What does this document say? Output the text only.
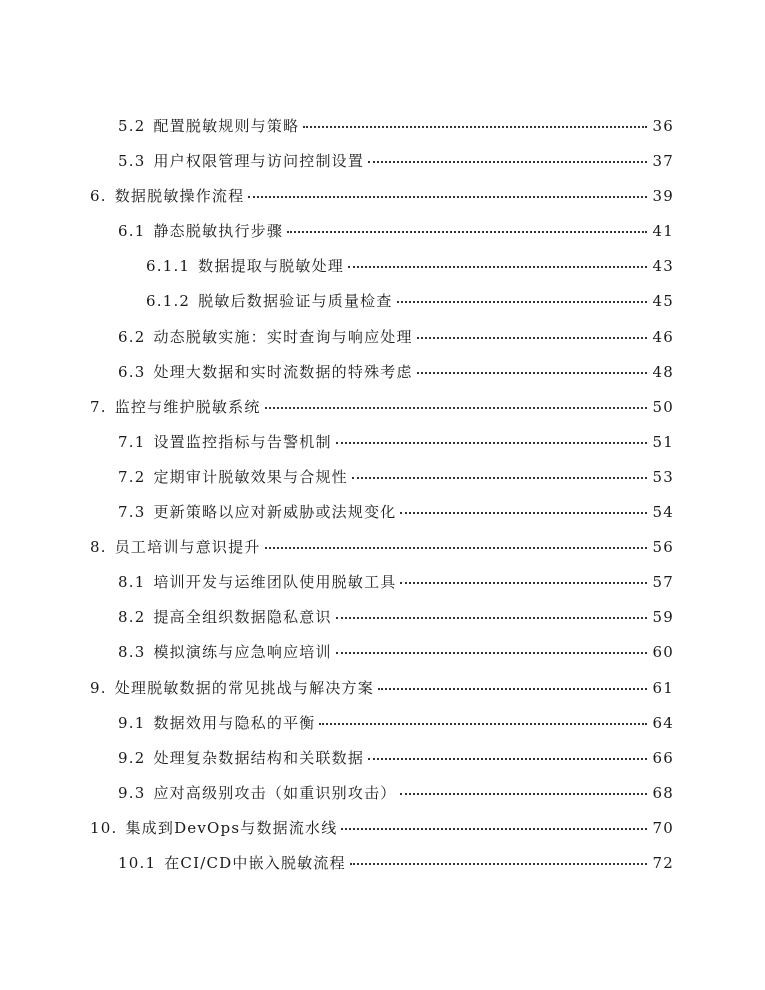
5.2 配置脱敏规则与策略	36
5.3 用户权限管理与访问控制设置	37
6. 数据脱敏操作流程	39
6.1 静态脱敏执行步骤	41
6.1.1 数据提取与脱敏处理	43
6.1.2 脱敏后数据验证与质量检查	45
6.2 动态脱敏实施：实时查询与响应处理	46
6.3 处理大数据和实时流数据的特殊考虑	48
7. 监控与维护脱敏系统	50
7.1 设置监控指标与告警机制	51
7.2 定期审计脱敏效果与合规性	53
7.3 更新策略以应对新威胁或法规变化	54
8. 员工培训与意识提升	56
8.1 培训开发与运维团队使用脱敏工具	57
8.2 提高全组织数据隐私意识	59
8.3 模拟演练与应急响应培训	60
9. 处理脱敏数据的常见挑战与解决方案	61
9.1 数据效用与隐私的平衡	64
9.2 处理复杂数据结构和关联数据	66
9.3 应对高级别攻击（如重识别攻击）	68
10. 集成到DevOps与数据流水线	70
10.1 在CI/CD中嵌入脱敏流程	72
